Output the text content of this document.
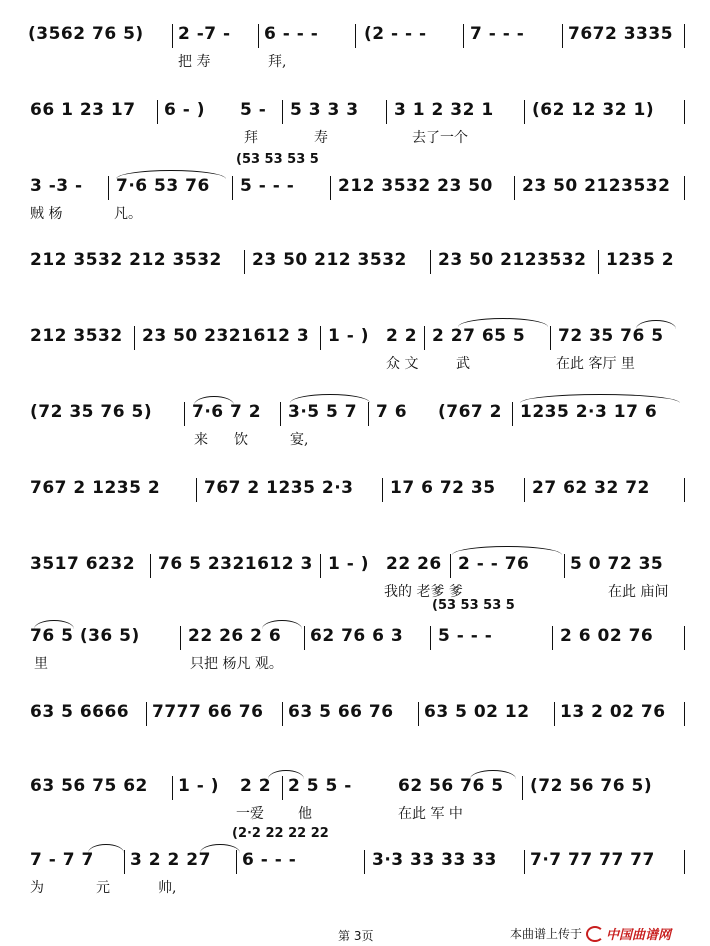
(3562 76 5) 2 -7 - 6 - - -	(2 - - -	7 - - -	7672 3335
把 寿	拜,
66 1 23 17 6 - ) 5 - 5 3 3 3 3 1 2 32 1 (62 12 32 1)
拜	寿	去了一个
(53 53 53 5
3 -3 - 7·6 53 76 5 - - -	212 3532 23 50 23 50 2123532
贼 杨	凡。
212 3532 212 3532 23 50 212 3532 23 50 2123532 1235 2
212 3532 23 50 2321612 3 1 - ) 2 2 2 27 65 5 72 35 76 5
众 文	武	在此 客厅 里
(72 35 76 5) 7·6 7 2 3·5 5 7 7 6 (767 2 1235 2·3 17 6
来 饮	宴,
767 2 1235 2	767 2 1235 2·3 17 6 72 35 27 62 32 72
3517 6232 76 5 2321612 3 1 - ) 22 26 2 - - 76 5 0 72 35
我的 老爹 爹	在此 庙间
(53 53 53 5
76 5 (36 5)	22 26 2 6 62 76 6 3 5 - - -	2 6 02 76
里	只把 杨凡 观。
63 5 6666 7777 66 76 63 5 66 76 63 5 02 12 13 2 02 76
63 56 75 62 1 - ) 2 2 2 5 5 -	62 56 76 5 (72 56 76 5)
一爱 他	在此 军 中
(2·2 22 22 22
7 - 7 7 3 2 2 27 6 - - -	3·3 33 33 33 7·7 77 77 77
为	元	帅,
第 3页	本曲谱上传于 中国曲谱网
